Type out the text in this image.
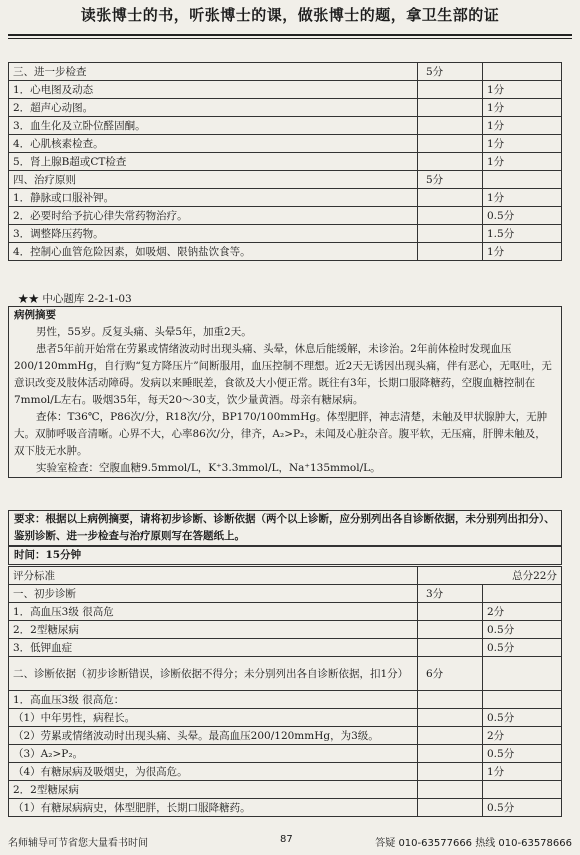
读张博士的书，听张博士的课，做张博士的题，拿卫生部的证
三、进一步检查	5分	
1．心电图及动态		1分
2．超声心动图。		1分
3．血生化及立卧位醛固酮。		1分
4．心肌核素检查。		1分
5．肾上腺B超或CT检查		1分
四、治疗原则	5分	
1．静脉或口服补钾。		1分
2．必要时给予抗心律失常药物治疗。		0.5分
3．调整降压药物。		1.5分
4．控制心血管危险因素，如吸烟、限钠盐饮食等。		1分
★★ 中心题库 2-2-1-03

病例摘要

男性，55岁。反复头痛、头晕5年，加重2天。

患者5年前开始常在劳累或情绪波动时出现头痛、头晕，休息后能缓解，未诊治。2年前体检时发现血压200/120mmHg，自行购“复方降压片”间断服用，血压控制不理想。近2天无诱因出现头痛，伴有恶心，无呕吐，无意识改变及肢体活动障碍。发病以来睡眠差，食欲及大小便正常。既往有3年，长期口服降糖药，空腹血糖控制在7mmol/L左右。吸烟35年，每天20～30支，饮少量黄酒。母亲有糖尿病。

查体：T36℃，P86次/分，R18次/分，BP170/100mmHg。体型肥胖，神志清楚，未触及甲状腺肿大，无肿大。双肺呼吸音清晰。心界不大，心率86次/分，律齐，A₂>P₂，未闻及心脏杂音。腹平软，无压痛，肝脾未触及，双下肢无水肿。

实验室检查：空腹血糖9.5mmol/L，K⁺3.3mmol/L，Na⁺135mmol/L。

要求：根据以上病例摘要，请将初步诊断、诊断依据（两个以上诊断，应分别列出各自诊断依据，未分别列出扣分）、鉴别诊断、进一步检查与治疗原则写在答题纸上。

时间：15分钟

评分标准	总分22分	
一、初步诊断	3分	
1．高血压3级 很高危		2分
2．2型糖尿病		0.5分
3．低钾血症		0.5分
二、诊断依据（初步诊断错误，诊断依据不得分；未分别列出各自诊断依据，扣1分）	6分	
1．高血压3级 很高危：		
（1）中年男性，病程长。		0.5分
（2）劳累或情绪波动时出现头痛、头晕。最高血压200/120mmHg，为3级。		2分
（3）A₂>P₂。		0.5分
（4）有糖尿病及吸烟史，为很高危。		1分
2．2型糖尿病		
（1）有糖尿病病史，体型肥胖，长期口服降糖药。		0.5分
名师辅导可节省您大量看书时间	87	答疑 010-63577666 热线 010-63578666
